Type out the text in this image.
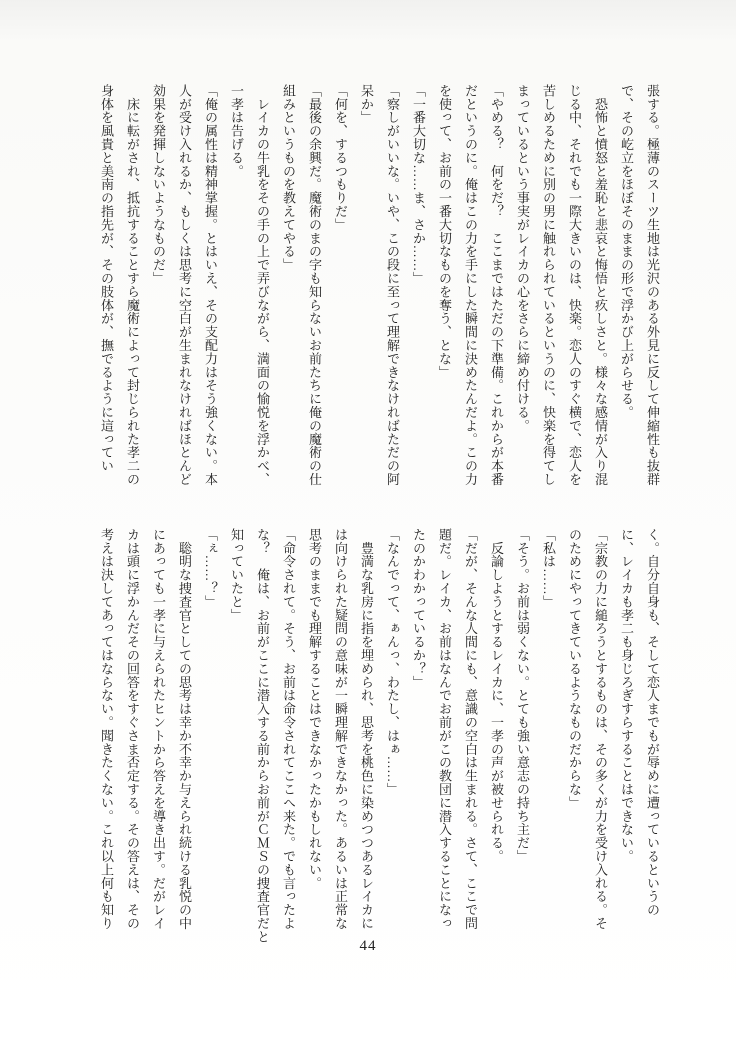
張する。極薄のスーツ生地は光沢のある外見に反して伸縮性も抜群

で、その屹立をほぼそのままの形で浮かび上がらせる。

　恐怖と憤怒と羞恥と悲哀と悔悟と疚しさと。様々な感情が入り混

じる中、それでも一際大きいのは、快楽。恋人のすぐ横で、恋人を

苦しめるために別の男に触れられているというのに、快楽を得てし

まっているという事実がレイカの心をさらに締め付ける。

「やめる？　何をだ？　ここまではただの下準備。これからが本番

だというのに。俺はこの力を手にした瞬間に決めたんだよ。この力

を使って、お前の一番大切なものを奪う、とな」

「一番大切な……ま、さか……」

「察しがいいな。いや、この段に至って理解できなければただの阿

呆か」

「何を、するつもりだ」

「最後の余興だ。魔術のまの字も知らないお前たちに俺の魔術の仕

組みというものを教えてやる」

　レイカの牛乳をその手の上で弄びながら、満面の愉悦を浮かべ、

一孝は告げる。

「俺の属性は精神掌握。とはいえ、その支配力はそう強くない。本

人が受け入れるか、もしくは思考に空白が生まれなければほとんど

効果を発揮しないようなものだ」

　床に転がされ、抵抗することすら魔術によって封じられた孝二の

身体を風貴と美南の指先が、その肢体が、撫でるように這ってい

く。自分自身も、そして恋人までもが辱めに遭っているというの

に、レイカも孝二も身じろぎすらすることはできない。

「宗教の力に縋ろうとするものは、その多くが力を受け入れる。そ

のためにやってきているようなものだからな」

「私は……」

「そう。お前は弱くない。とても強い意志の持ち主だ」

　反論しようとするレイカに、一孝の声が被せられる。

「だが、そんな人間にも、意識の空白は生まれる。さて、ここで問

題だ。レイカ、お前はなんでお前がこの教団に潜入することになっ

たのかわかっているか？」

「なんでって、ぁんっ、わたし、はぁ……」

　豊満な乳房に指を埋められ、思考を桃色に染めつつあるレイカに

は向けられた疑問の意味が一瞬理解できなかった。あるいは正常な

思考のままでも理解することはできなかったかもしれない。

「命令されて。そう、お前は命令されてここへ来た。でも言ったよ

な？　俺は、お前がここに潜入する前からお前がＣＭＳの捜査官だと

知っていたと」

「ぇ……？」

　聡明な捜査官としての思考は幸か不幸か与えられ続ける乳悦の中

にあっても一孝に与えられたヒントから答えを導き出す。だがレイ

カは頭に浮かんだその回答をすぐさま否定する。その答えは、その

考えは決してあってはならない。聞きたくない。これ以上何も知り

44
